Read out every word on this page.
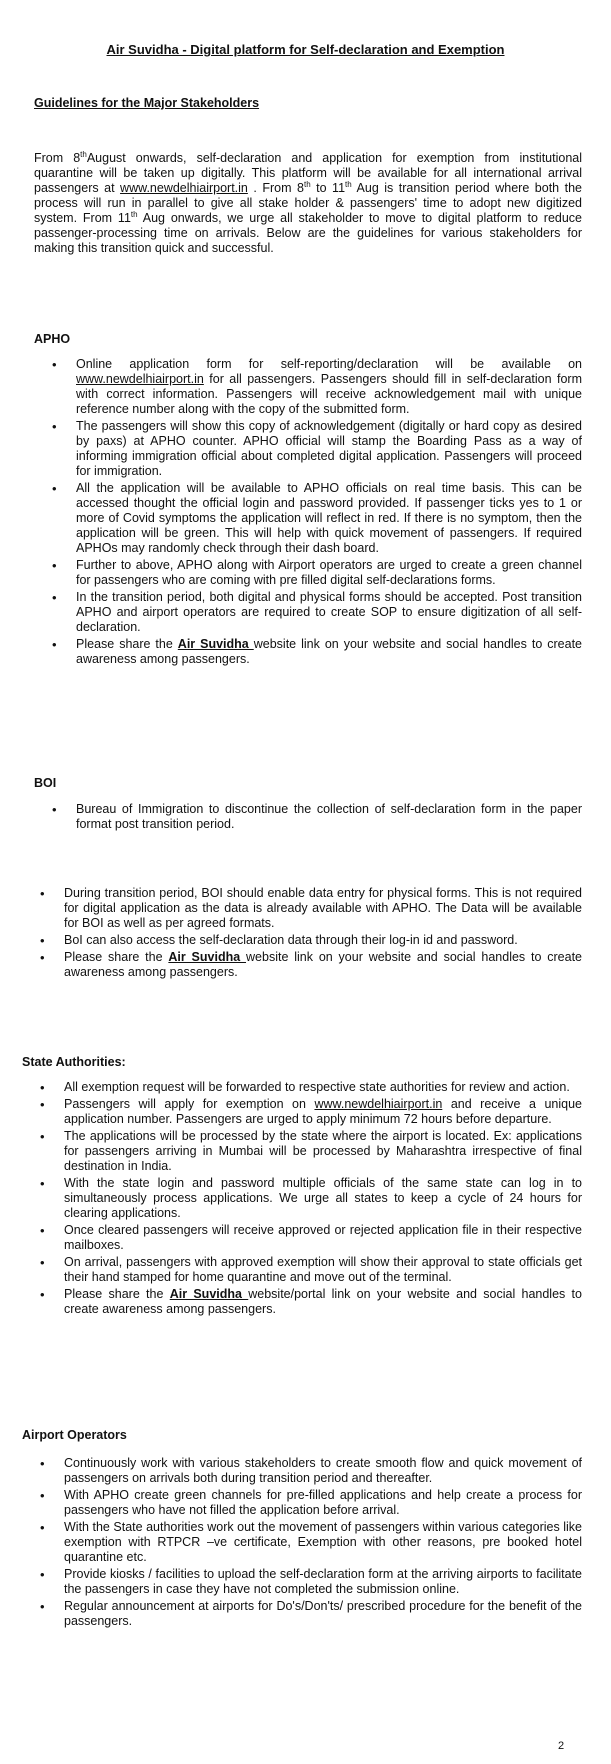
Air Suvidha - Digital platform for Self-declaration and Exemption
Guidelines for the Major Stakeholders
From 8thAugust onwards, self-declaration and application for exemption from institutional quarantine will be taken up digitally. This platform will be available for all international arrival passengers at www.newdelhiairport.in . From 8th to 11th Aug is transition period where both the process will run in parallel to give all stake holder & passengers' time to adopt new digitized system. From 11th Aug onwards, we urge all stakeholder to move to digital platform to reduce passenger-processing time on arrivals. Below are the guidelines for various stakeholders for making this transition quick and successful.
APHO
• Online application form for self-reporting/declaration will be available on www.newdelhiairport.in for all passengers. Passengers should fill in self-declaration form with correct information. Passengers will receive acknowledgement mail with unique reference number along with the copy of the submitted form.
• The passengers will show this copy of acknowledgement (digitally or hard copy as desired by paxs) at APHO counter. APHO official will stamp the Boarding Pass as a way of informing immigration official about completed digital application. Passengers will proceed for immigration.
• All the application will be available to APHO officials on real time basis. This can be accessed thought the official login and password provided. If passenger ticks yes to 1 or more of Covid symptoms the application will reflect in red. If there is no symptom, then the application will be green. This will help with quick movement of passengers. If required APHOs may randomly check through their dash board.
• Further to above, APHO along with Airport operators are urged to create a green channel for passengers who are coming with pre filled digital self-declarations forms.
• In the transition period, both digital and physical forms should be accepted. Post transition APHO and airport operators are required to create SOP to ensure digitization of all self-declaration.
• Please share the Air Suvidha website link on your website and social handles to create awareness among passengers.
BOI
• Bureau of Immigration to discontinue the collection of self-declaration form in the paper format post transition period.
• During transition period, BOI should enable data entry for physical forms. This is not required for digital application as the data is already available with APHO. The Data will be available for BOI as well as per agreed formats.
• BoI can also access the self-declaration data through their log-in id and password.
• Please share the Air Suvidha website link on your website and social handles to create awareness among passengers.
State Authorities:
• All exemption request will be forwarded to respective state authorities for review and action.
• Passengers will apply for exemption on www.newdelhiairport.in and receive a unique application number. Passengers are urged to apply minimum 72 hours before departure.
• The applications will be processed by the state where the airport is located. Ex: applications for passengers arriving in Mumbai will be processed by Maharashtra irrespective of final destination in India.
• With the state login and password multiple officials of the same state can log in to simultaneously process applications. We urge all states to keep a cycle of 24 hours for clearing applications.
• Once cleared passengers will receive approved or rejected application file in their respective mailboxes.
• On arrival, passengers with approved exemption will show their approval to state officials get their hand stamped for home quarantine and move out of the terminal.
• Please share the Air Suvidha website/portal link on your website and social handles to create awareness among passengers.
Airport Operators
• Continuously work with various stakeholders to create smooth flow and quick movement of passengers on arrivals both during transition period and thereafter.
• With APHO create green channels for pre-filled applications and help create a process for passengers who have not filled the application before arrival.
• With the State authorities work out the movement of passengers within various categories like exemption with RTPCR –ve certificate, Exemption with other reasons, pre booked hotel quarantine etc.
• Provide kiosks / facilities to upload the self-declaration form at the arriving airports to facilitate the passengers in case they have not completed the submission online.
• Regular announcement at airports for Do's/Don'ts/ prescribed procedure for the benefit of the passengers.
2
